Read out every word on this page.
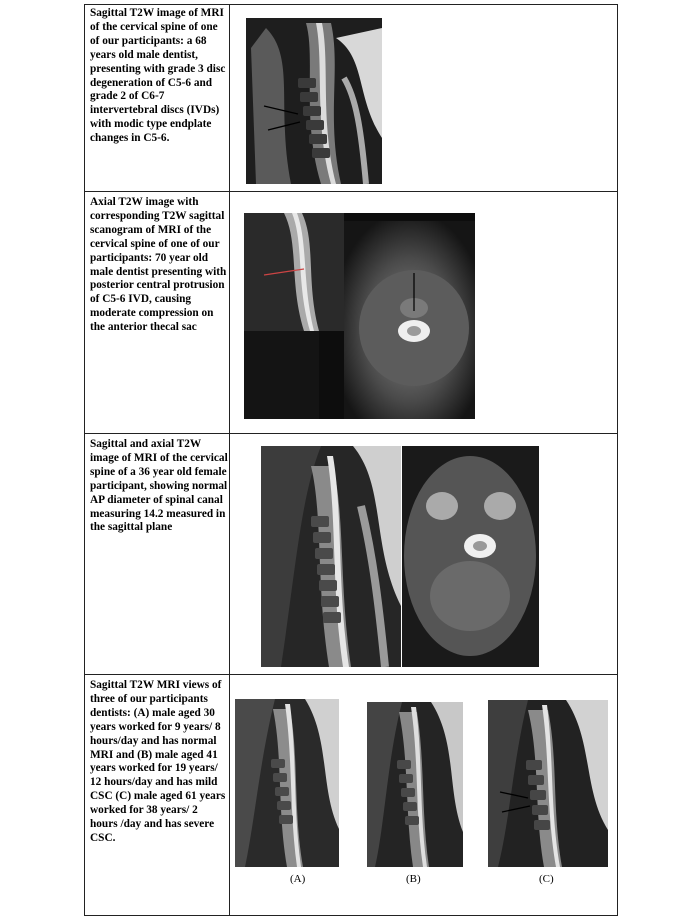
Sagittal T2W image of MRI of the cervical spine of one of our participants: a 68 years old male dentist, presenting with grade 3 disc degeneration of C5-6 and grade 2 of C6-7 intervertebral discs (IVDs) with modic type endplate changes in C5-6.
Axial T2W image with corresponding T2W sagittal scanogram of MRI of the cervical spine of one of our participants: 70 year old male dentist presenting with posterior central protrusion of C5-6 IVD, causing moderate compression on the anterior thecal sac
Sagittal and axial T2W image of MRI of the cervical spine of a 36 year old female participant, showing normal AP diameter of spinal canal measuring 14.2 measured in the sagittal plane
Sagittal T2W MRI views of three of our participants dentists: (A) male aged 30 years worked for 9 years/ 8 hours/day and has normal MRI and (B) male aged 41 years worked for 19 years/ 12 hours/day and has mild CSC (C) male aged 61 years worked for 38 years/ 2 hours /day and has severe CSC.
(A)	(B)	(C)
